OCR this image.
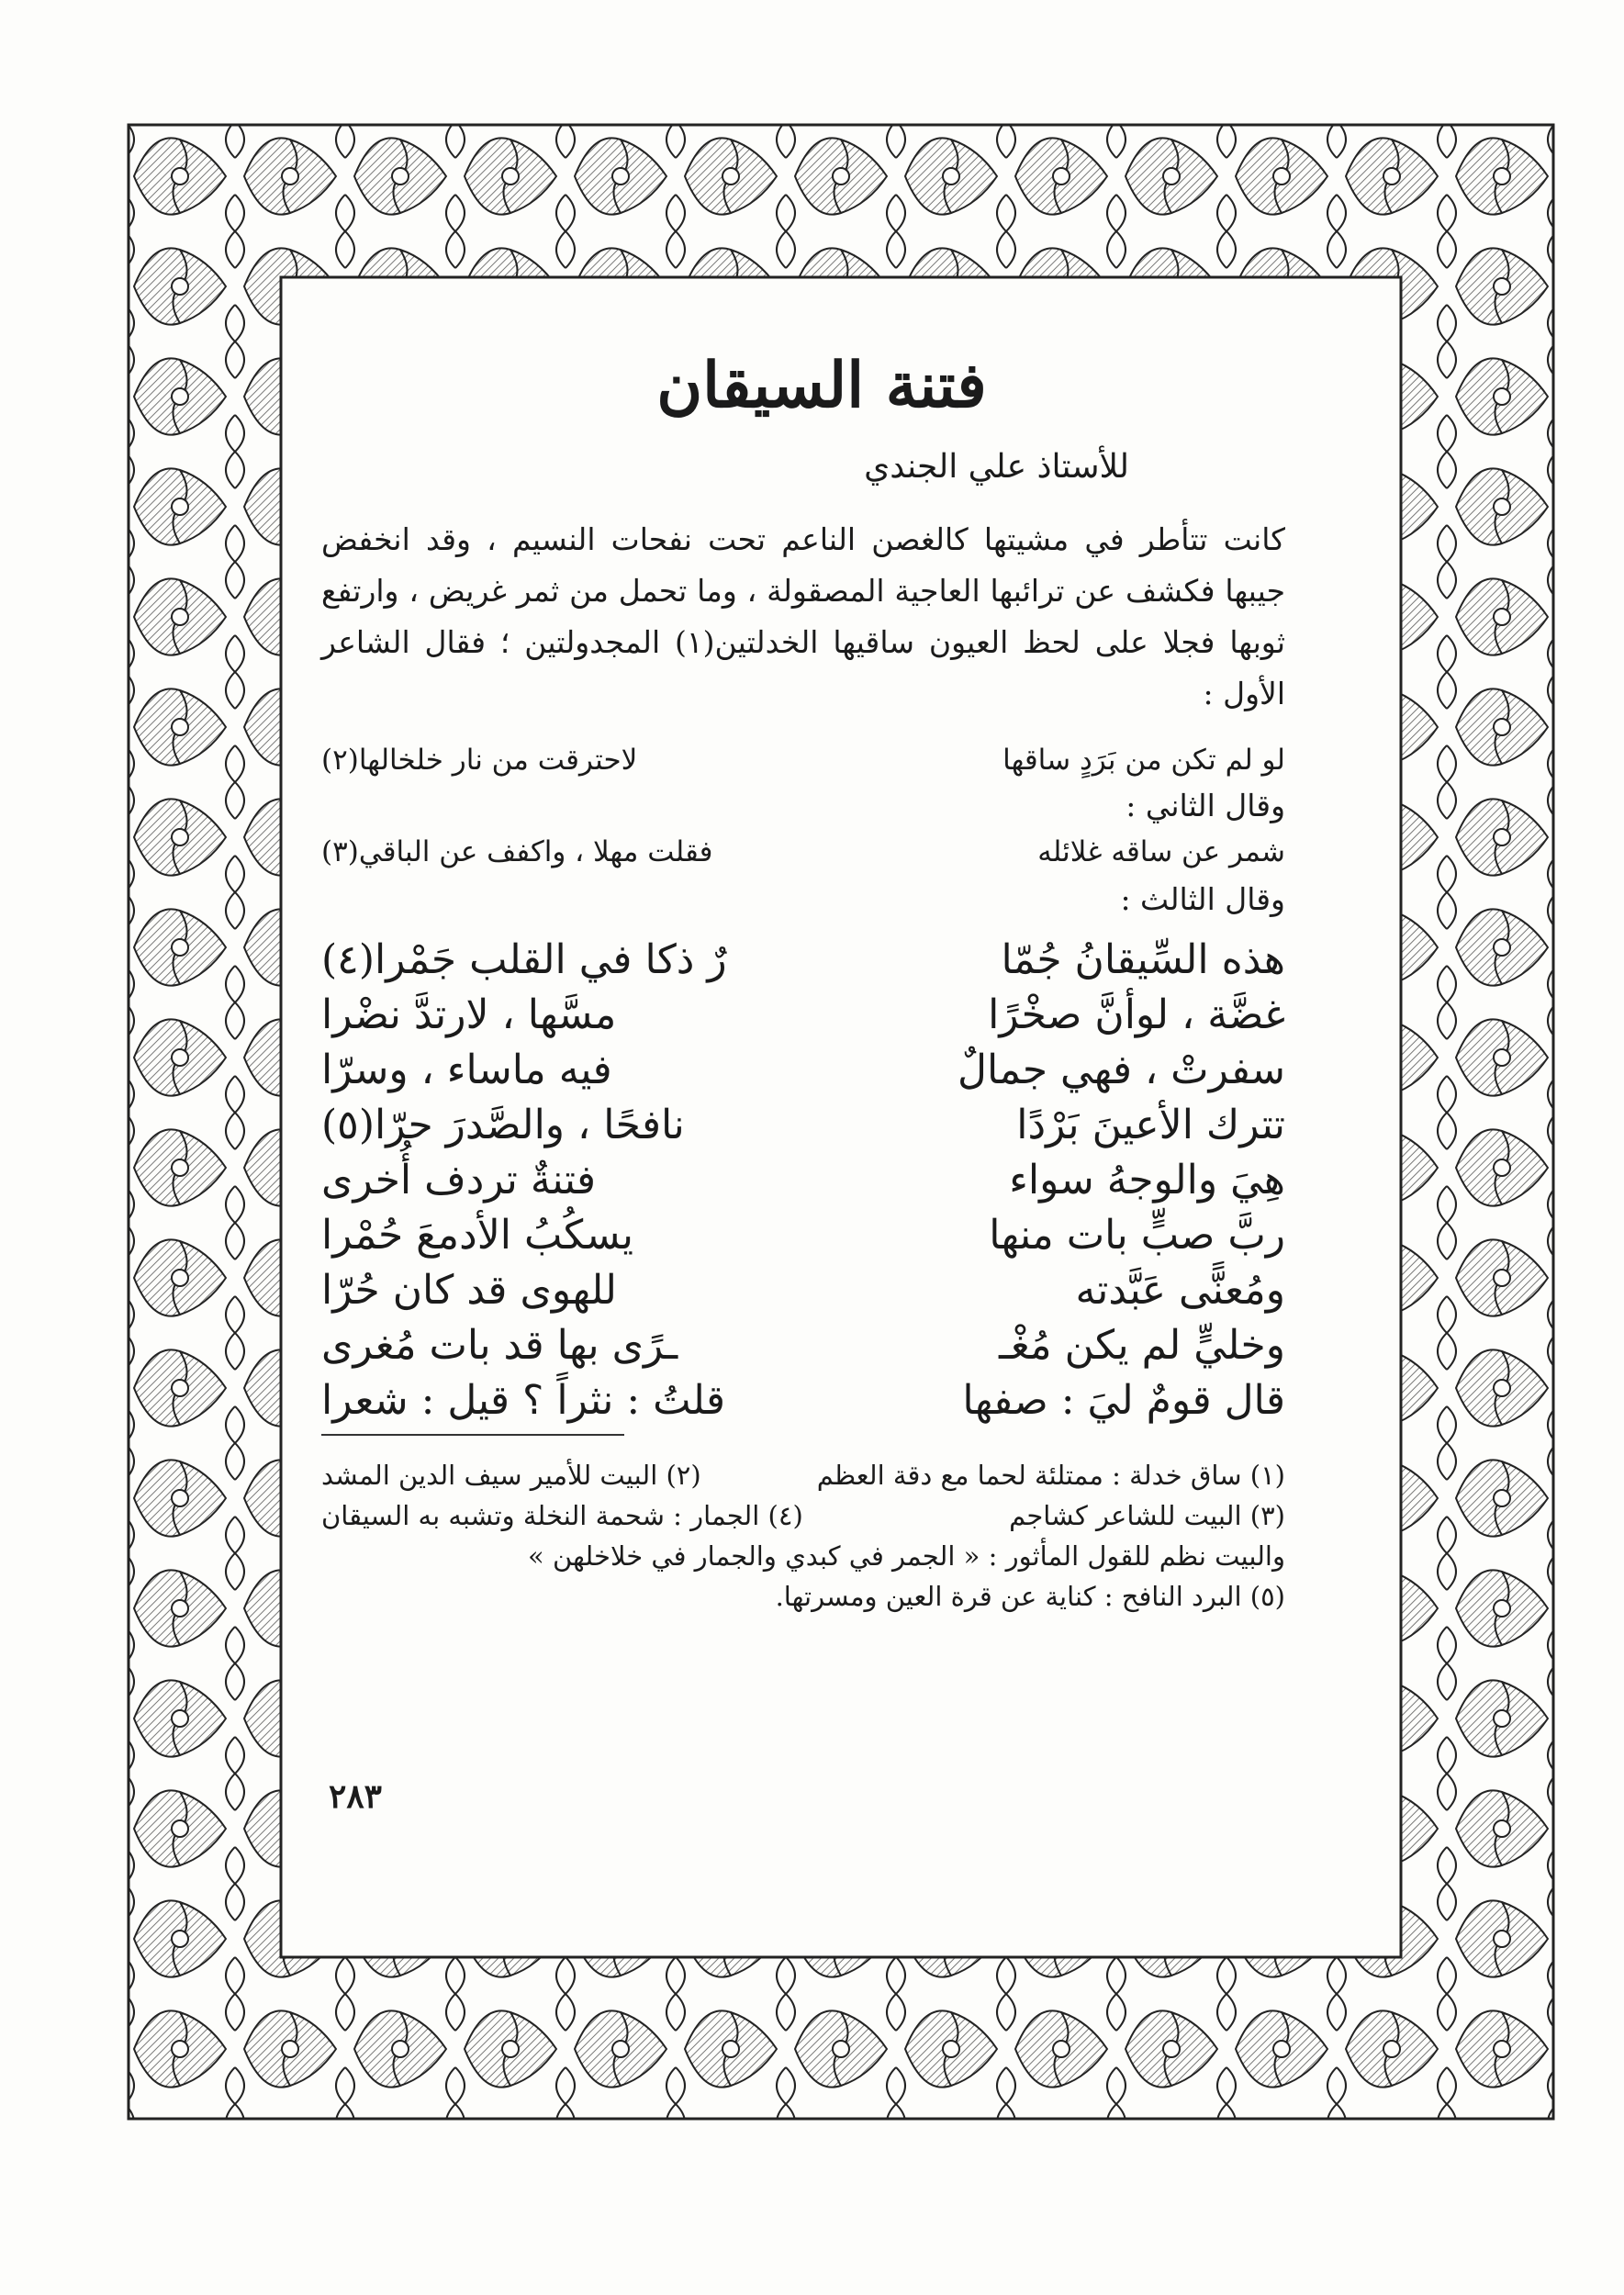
فتنة السيقان
للأستاذ علي الجندي

كانت تتأطر في مشيتها كالغصن الناعم تحت نفحات النسيم ، وقد انخفض جيبها فكشف عن ترائبها العاجية المصقولة ، وما تحمل من ثمر غريض ، وارتفع ثوبها فجلا على لحظ العيون ساقيها الخدلتين(١) المجدولتين ؛ فقال الشاعر الأول :

لو لم تكن من بَرَدٍ ساقها
لاحترقت من نار خلخالها(٢)
وقال الثاني :
شمر عن ساقه غلائله
فقلت مهلا ، واكفف عن الباقي(٣)
وقال الثالث :
هذه السِّيقانُ جُمّا
رٌ ذكا في القلب جَمْرا(٤)
غضَّة ، لوأنَّ صخْرًا
مسَّها ، لارتدَّ نضْرا
سفرتْ ، فهي جمالٌ
فيه ماساء ، وسرّا
تترك الأعينَ بَرْدًا
نافحًا ، والصَّدرَ حرّا(٥)
هِيَ والوجهُ سواء
فتنةٌ تردف أُخرى
ربَّ صبٍّ بات منها
يسكُبُ الأدمعَ حُمْرا
ومُعنًّى عَبَّدته
للهوى قد كان حُرّا
وخليٍّ لم يكن مُغْـ
ـرًى بها قد بات مُغرى
قال قومٌ ليَ : صفها
قلتُ : نثراً ؟ قيل : شعرا
(١) ساق خدلة : ممتلئة لحما مع دقة العظم
(٢) البيت للأمير سيف الدين المشد
(٣) البيت للشاعر كشاجم
(٤) الجمار : شحمة النخلة وتشبه به السيقان
والبيت نظم للقول المأثور : « الجمر في كبدي والجمار في خلاخلهن »
(٥) البرد النافح : كناية عن قرة العين ومسرتها.
٢٨٣
